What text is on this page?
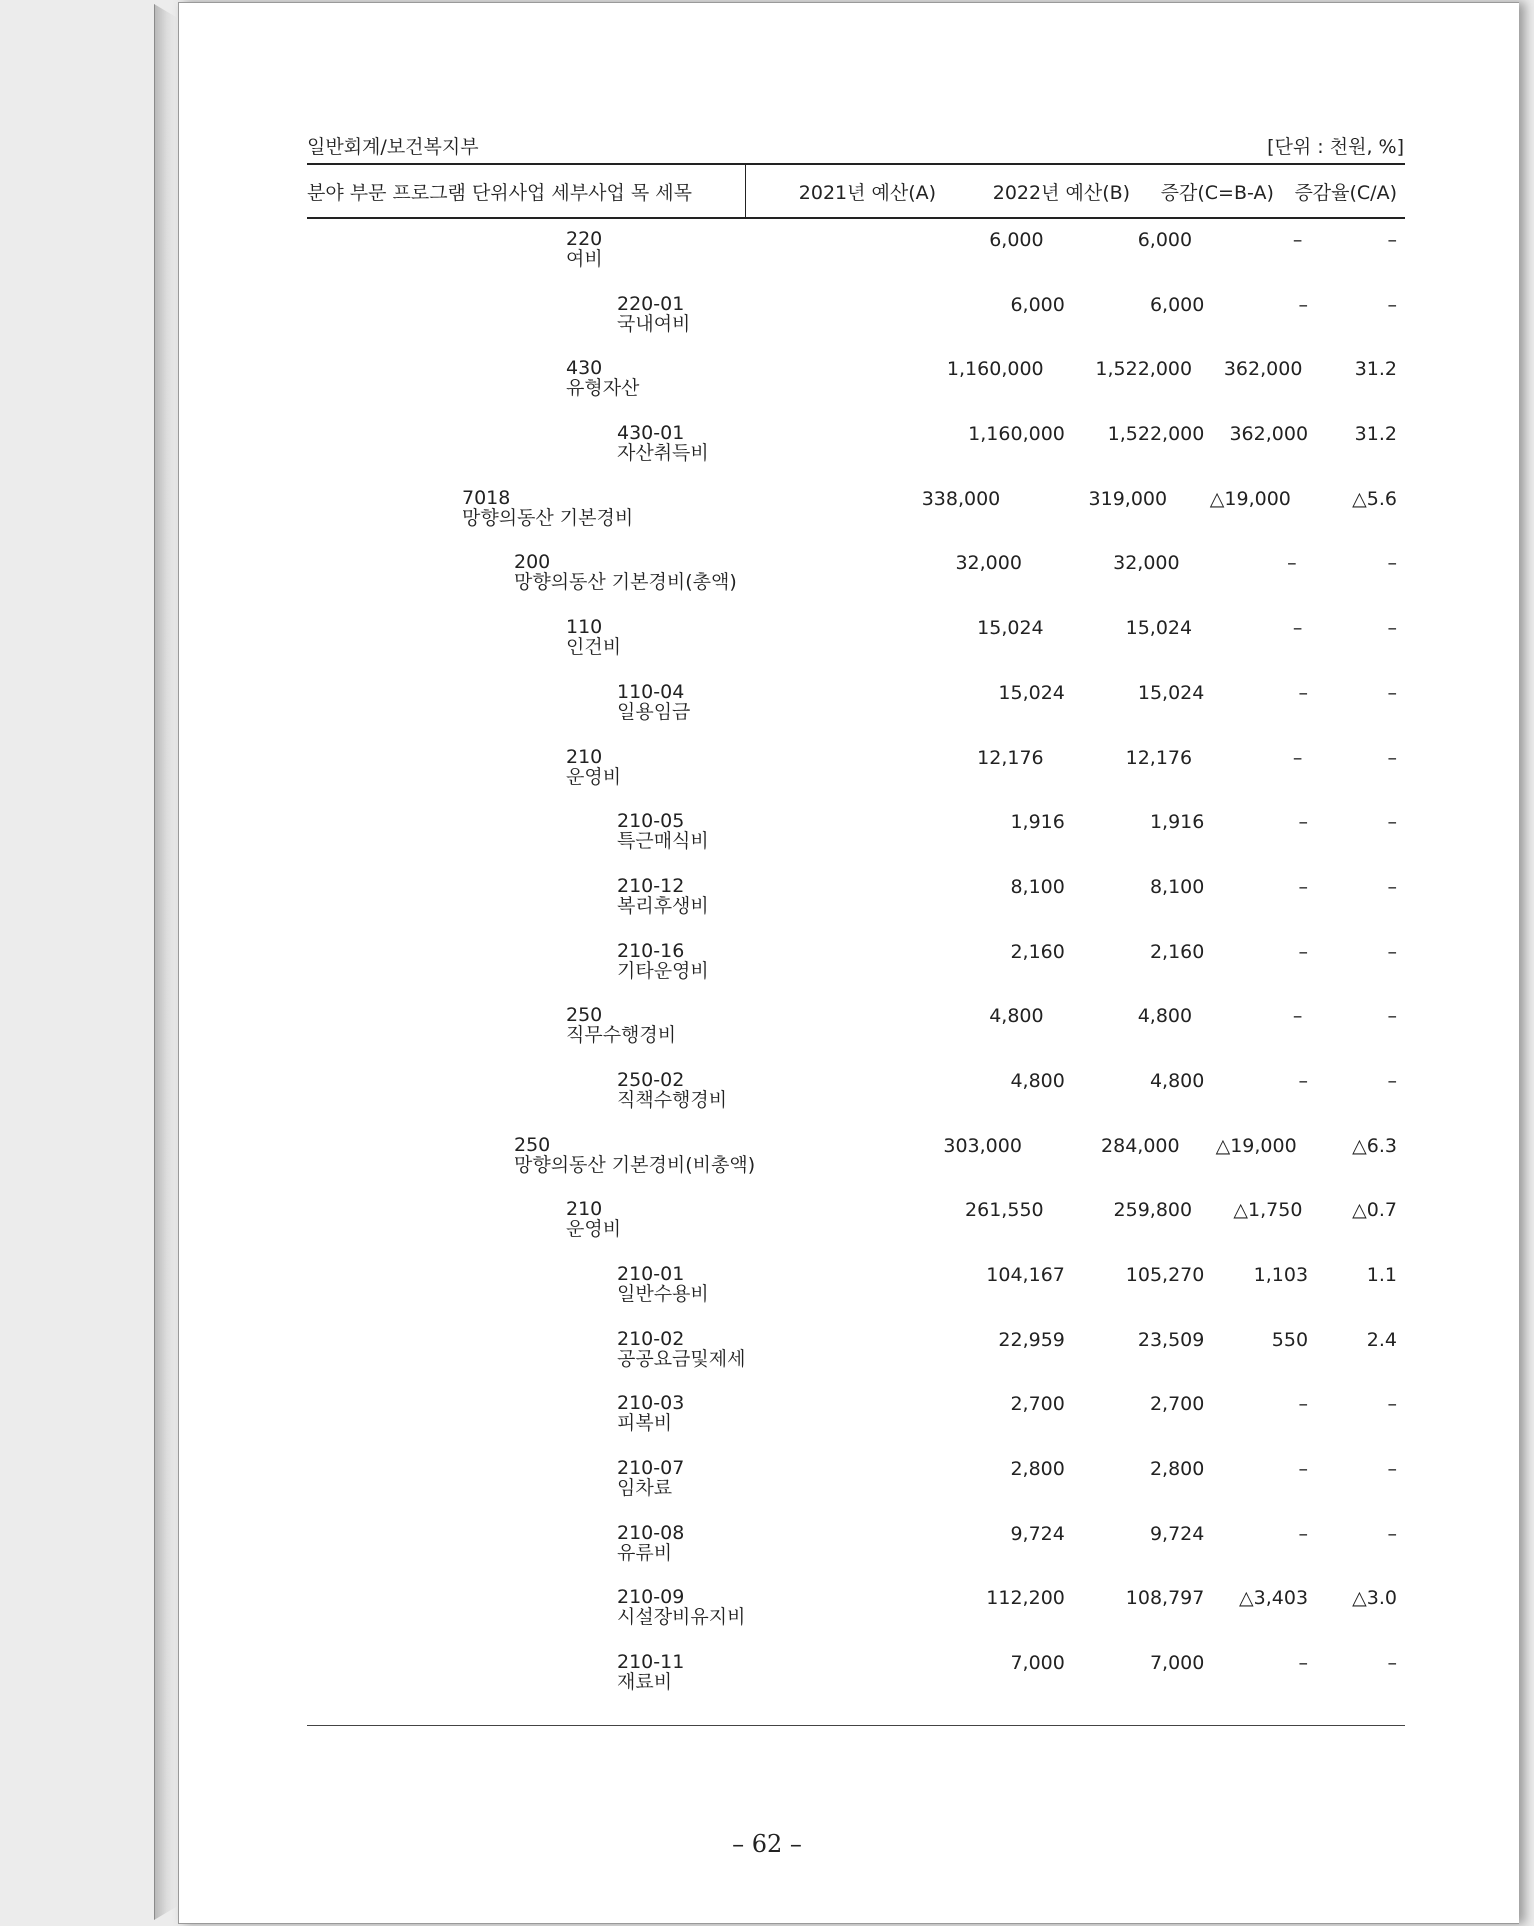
일반회계/보건복지부	[단위 : 천원, %]
분야 부문 프로그램 단위사업 세부사업 목 세목	2021년 예산(A)	2022년 예산(B)	증감(C=B-A)	증감율(C/A)
220
여비
6,000	6,000	–	–
220-01
국내여비
6,000	6,000	–	–
430
유형자산
1,160,000	1,522,000	362,000	31.2
430-01
자산취득비
1,160,000	1,522,000	362,000	31.2
7018
망향의동산 기본경비
338,000	319,000	△19,000	△5.6
200
망향의동산 기본경비(총액)
32,000	32,000	–	–
110
인건비
15,024	15,024	–	–
110-04
일용임금
15,024	15,024	–	–
210
운영비
12,176	12,176	–	–
210-05
특근매식비
1,916	1,916	–	–
210-12
복리후생비
8,100	8,100	–	–
210-16
기타운영비
2,160	2,160	–	–
250
직무수행경비
4,800	4,800	–	–
250-02
직책수행경비
4,800	4,800	–	–
250
망향의동산 기본경비(비총액)
303,000	284,000	△19,000	△6.3
210
운영비
261,550	259,800	△1,750	△0.7
210-01
일반수용비
104,167	105,270	1,103	1.1
210-02
공공요금및제세
22,959	23,509	550	2.4
210-03
피복비
2,700	2,700	–	–
210-07
임차료
2,800	2,800	–	–
210-08
유류비
9,724	9,724	–	–
210-09
시설장비유지비
112,200	108,797	△3,403	△3.0
210-11
재료비
7,000	7,000	–	–
– 62 –
